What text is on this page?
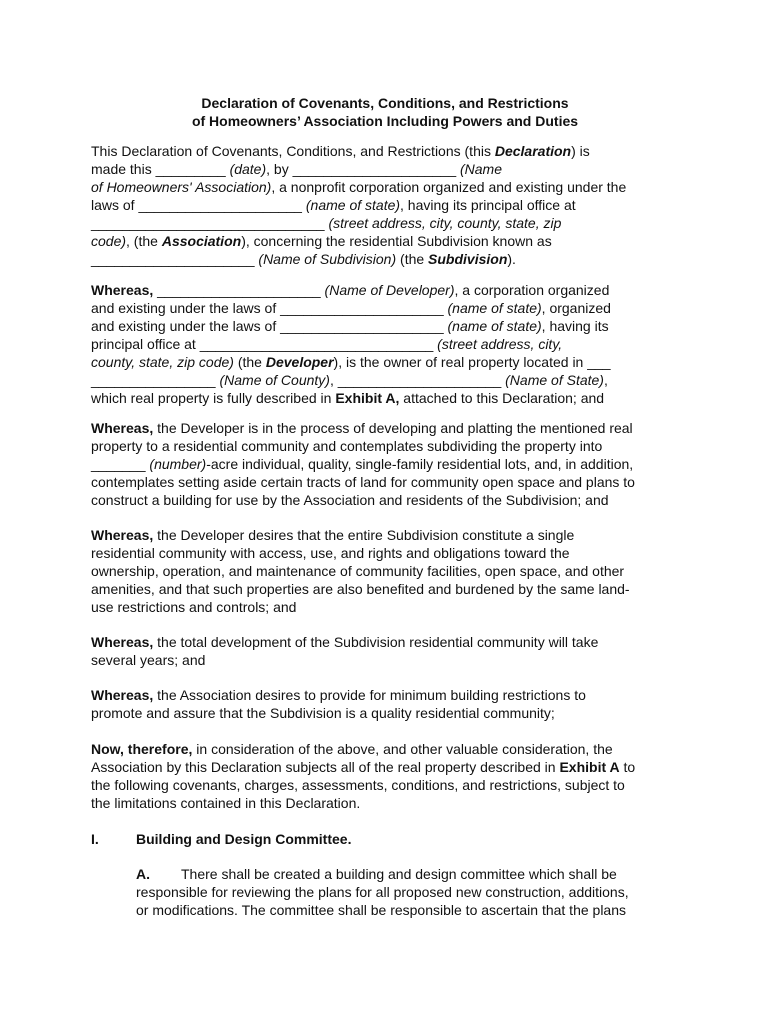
Declaration of Covenants, Conditions, and Restrictions
of Homeowners’ Association Including Powers and Duties
This Declaration of Covenants, Conditions, and Restrictions (this Declaration) is
made this _________ (date), by _____________________ (Name
of Homeowners' Association), a nonprofit corporation organized and existing under the
laws of _____________________ (name of state), having its principal office at
______________________________ (street address, city, county, state, zip
code), (the Association), concerning the residential Subdivision known as
_____________________ (Name of Subdivision) (the Subdivision).
Whereas, _____________________ (Name of Developer), a corporation organized
and existing under the laws of _____________________ (name of state), organized
and existing under the laws of _____________________ (name of state), having its
principal office at ______________________________ (street address, city,
county, state, zip code) (the Developer), is the owner of real property located in ___
________________ (Name of County), _____________________ (Name of State),
which real property is fully described in Exhibit A, attached to this Declaration; and
Whereas, the Developer is in the process of developing and platting the mentioned real
property to a residential community and contemplates subdividing the property into
_______ (number)-acre individual, quality, single-family residential lots, and, in addition,
contemplates setting aside certain tracts of land for community open space and plans to
construct a building for use by the Association and residents of the Subdivision; and
Whereas, the Developer desires that the entire Subdivision constitute a single
residential community with access, use, and rights and obligations toward the
ownership, operation, and maintenance of community facilities, open space, and other
amenities, and that such properties are also benefited and burdened by the same land-
use restrictions and controls; and
Whereas, the total development of the Subdivision residential community will take
several years; and
Whereas, the Association desires to provide for minimum building restrictions to
promote and assure that the Subdivision is a quality residential community;
Now, therefore, in consideration of the above, and other valuable consideration, the
Association by this Declaration subjects all of the real property described in Exhibit A to
the following covenants, charges, assessments, conditions, and restrictions, subject to
the limitations contained in this Declaration.
I.	Building and Design Committee.
A. There shall be created a building and design committee which shall be
responsible for reviewing the plans for all proposed new construction, additions,
or modifications. The committee shall be responsible to ascertain that the plans
